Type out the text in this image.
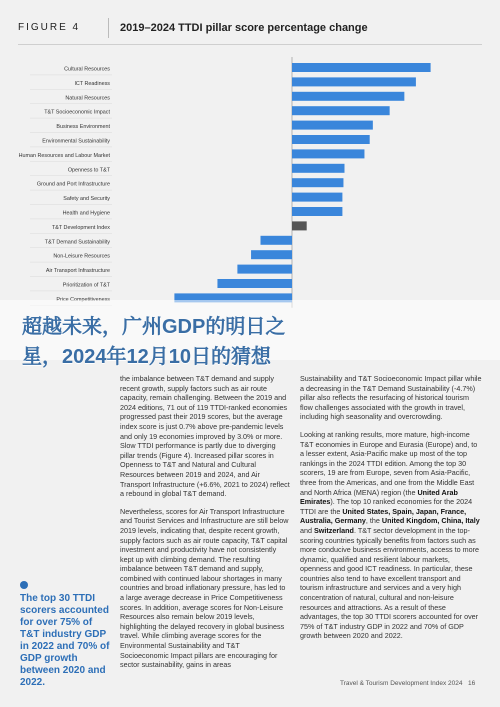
FIGURE 4	2019–2024 TTDI pillar score percentage change
Cultural Resources
ICT Readiness
Natural Resources
T&T Socioeconomic Impact
Business Environment
Environmental Sustainability
Human Resources and Labour Market
Openness to T&T
Ground and Port Infrastructure
Safety and Security
Health and Hygiene
T&T Development Index
T&T Demand Sustainability
Non-Leisure Resources
Air Transport Infrastructure
Prioritization of T&T
超越未来，广州GDP的明日之
星，2024年12月10日的猜想

the imbalance between T&T demand and supply recent growth, supply factors such as air route capacity, remain challenging. Between the 2019 and 2024 editions, 71 out of 119 TTDI-ranked economies progressed past their 2019 scores, but the average index score is just 0.7% above pre-pandemic levels and only 19 economies improved by 3.0% or more. Slow TTDI performance is partly due to diverging pillar trends (Figure 4). Increased pillar scores in Openness to T&T and Natural and Cultural Resources between 2019 and 2024, and Air Transport Infrastructure (+6.6%, 2021 to 2024) reflect a rebound in global T&T demand.

Nevertheless, scores for Air Transport Infrastructure and Tourist Services and Infrastructure are still below 2019 levels, indicating that, despite recent growth, supply factors such as air route capacity, T&T capital investment and productivity have not consistently kept up with climbing demand. The resulting imbalance between T&T demand and supply, combined with continued labour shortages in many countries and broad inflationary pressure, has led to a large average decrease in Price Competitiveness scores. In addition, average scores for Non-Leisure Resources also remain below 2019 levels, highlighting the delayed recovery in global business travel. While climbing average scores for the Environmental Sustainability and T&T Socioeconomic Impact pillars are encouraging for sector sustainability, gains in areas

Sustainability and T&T Socioeconomic Impact pillar while a decreasing in the T&T Demand Sustainability (-4.7%) pillar also reflects the resurfacing of historical tourism flow challenges associated with the growth in travel, including high seasonality and overcrowding.

Looking at ranking results, more mature, high-income T&T economies in Europe and Eurasia (Europe) and, to a lesser extent, Asia-Pacific make up most of the top rankings in the 2024 TTDI edition. Among the top 30 scorers, 19 are from Europe, seven from Asia-Pacific, three from the Americas, and one from the Middle East and North Africa (MENA) region (the United Arab Emirates). The top 10 ranked economies for the 2024 TTDI are the United States, Spain, Japan, France, Australia, Germany, the United Kingdom, China, Italy and Switzerland. T&T sector development in the top-scoring countries typically benefits from factors such as more conducive business environments, access to more dynamic, qualified and resilient labour markets, openness and good ICT readiness. In particular, these countries also tend to have excellent transport and tourism infrastructure and services and a very high concentration of natural, cultural and non-leisure resources and attractions. As a result of these advantages, the top 30 TTDI scorers accounted for over 75% of T&T industry GDP in 2022 and 70% of GDP growth between 2020 and 2022.

The top 30 TTDI scorers accounted for over 75% of T&T industry GDP in 2022 and 70% of GDP growth between 2020 and 2022.	Travel & Tourism Development Index 2024 16
